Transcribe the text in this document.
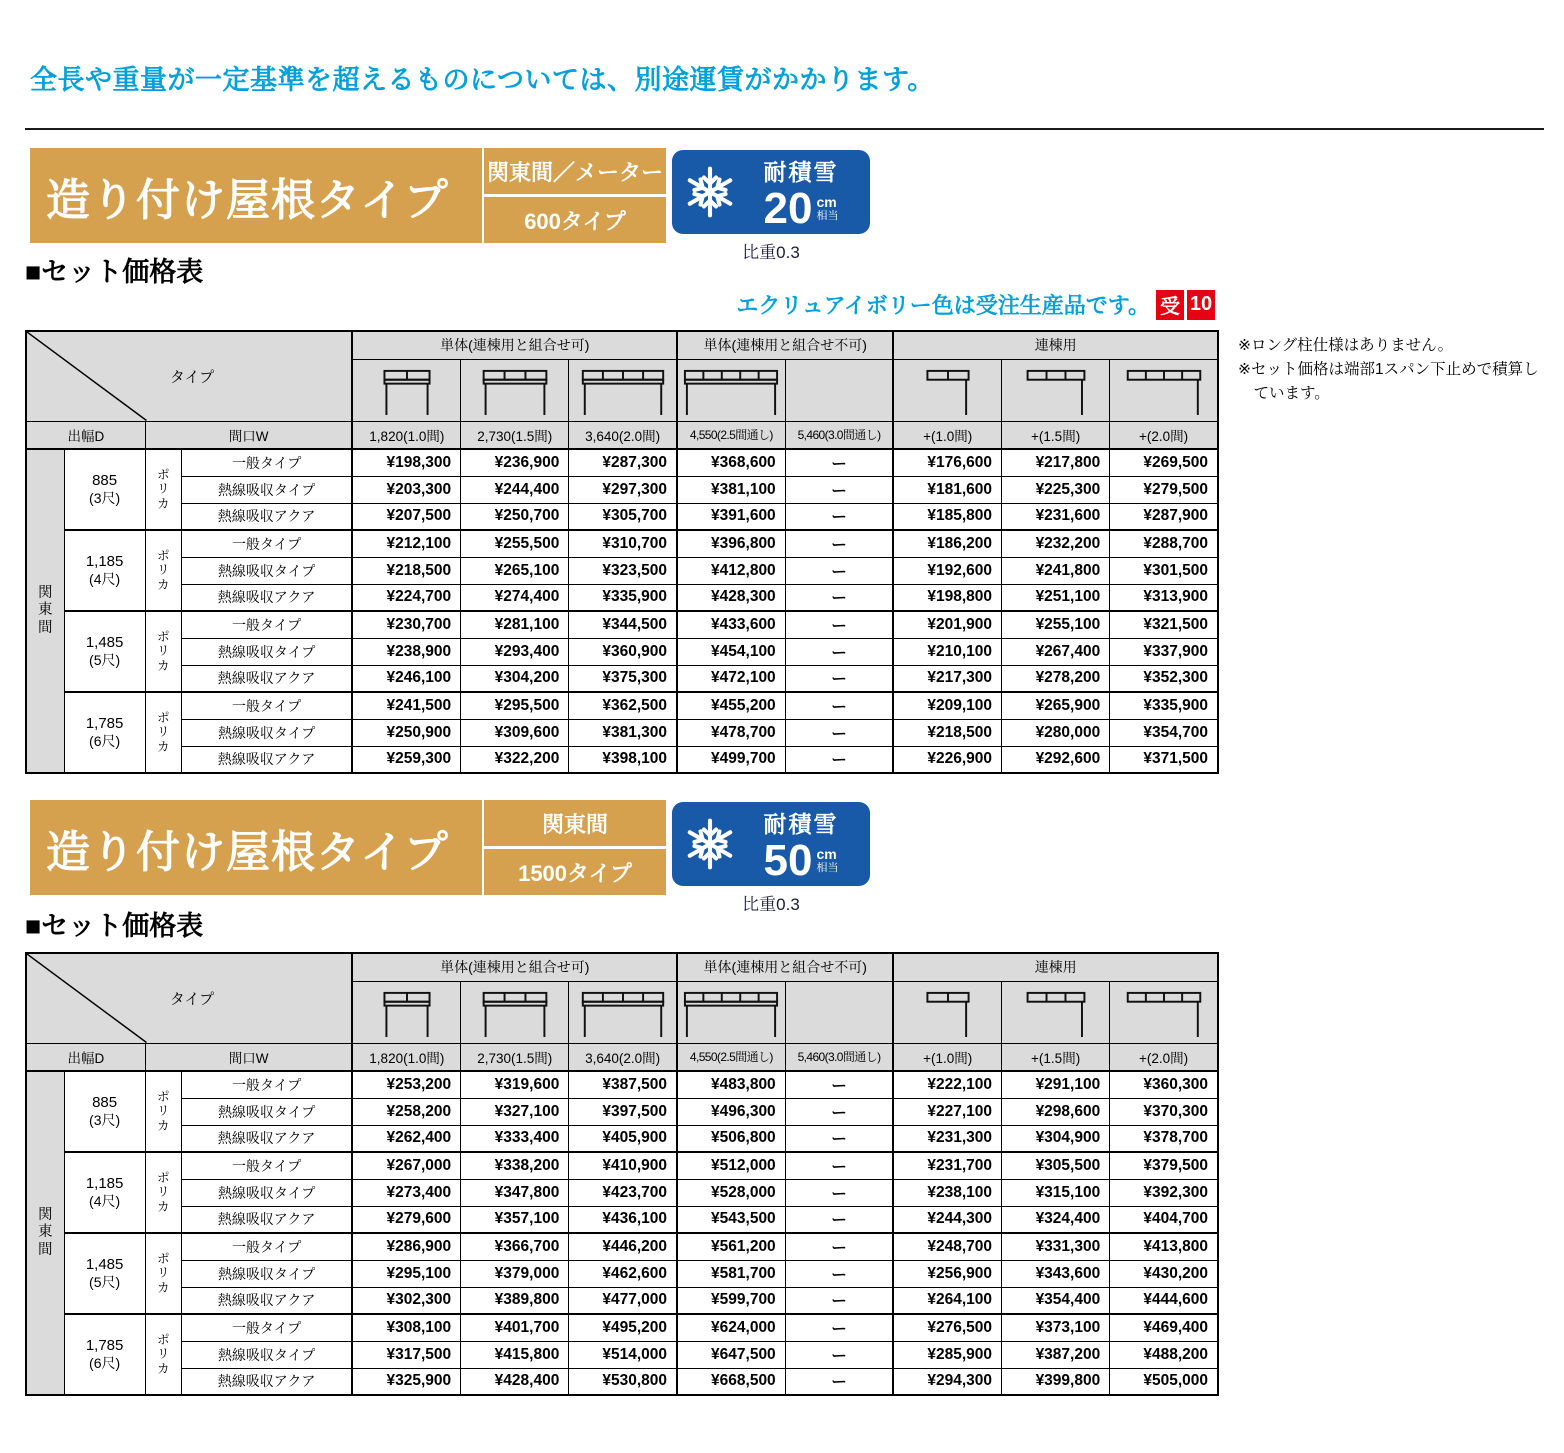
全長や重量が一定基準を超えるものについては、別途運賃がかかります。
造り付け屋根タイプ
関東間／メーター
600タイプ
耐積雪
20 cm
相当
比重0.3
■セット価格表
エクリュアイボリー色は受注生産品です。 受 10
※ロング柱仕様はありません。
※セット価格は端部1スパン下止めで積算し
　ています。
タイプ				単体(連棟用と組合せ可)			単体(連棟用と組合せ不可)		連棟用		

出幅D		間口W		1,820(1.0間)	2,730(1.5間)	3,640(2.0間)	4,550(2.5間通し)	5,460(3.0間通し)	+(1.0間)	+(1.5間)	+(2.0間)

関
東
間

885
(3尺)

ポ
リ
カ
	一般タイプ	¥198,300	¥236,900	¥287,300	¥368,600	ー	¥176,600	¥217,800	¥269,500
			熱線吸収タイプ	¥203,300	¥244,400	¥297,300	¥381,100	ー	¥181,600	¥225,300	¥279,500
			熱線吸収アクア	¥207,500	¥250,700	¥305,700	¥391,600	ー	¥185,800	¥231,600	¥287,900

1,185
(4尺)

ポ
リ
カ
	一般タイプ	¥212,100	¥255,500	¥310,700	¥396,800	ー	¥186,200	¥232,200	¥288,700
			熱線吸収タイプ	¥218,500	¥265,100	¥323,500	¥412,800	ー	¥192,600	¥241,800	¥301,500
			熱線吸収アクア	¥224,700	¥274,400	¥335,900	¥428,300	ー	¥198,800	¥251,100	¥313,900

1,485
(5尺)

ポ
リ
カ
	一般タイプ	¥230,700	¥281,100	¥344,500	¥433,600	ー	¥201,900	¥255,100	¥321,500
			熱線吸収タイプ	¥238,900	¥293,400	¥360,900	¥454,100	ー	¥210,100	¥267,400	¥337,900
			熱線吸収アクア	¥246,100	¥304,200	¥375,300	¥472,100	ー	¥217,300	¥278,200	¥352,300

1,785
(6尺)

ポ
リ
カ
	一般タイプ	¥241,500	¥295,500	¥362,500	¥455,200	ー	¥209,100	¥265,900	¥335,900
			熱線吸収タイプ	¥250,900	¥309,600	¥381,300	¥478,700	ー	¥218,500	¥280,000	¥354,700
			熱線吸収アクア	¥259,300	¥322,200	¥398,100	¥499,700	ー	¥226,900	¥292,600	¥371,500
造り付け屋根タイプ
関東間
1500タイプ
耐積雪
50 cm
相当
比重0.3
■セット価格表
タイプ				単体(連棟用と組合せ可)			単体(連棟用と組合せ不可)		連棟用		

出幅D		間口W		1,820(1.0間)	2,730(1.5間)	3,640(2.0間)	4,550(2.5間通し)	5,460(3.0間通し)	+(1.0間)	+(1.5間)	+(2.0間)

関
東
間

885
(3尺)

ポ
リ
カ
	一般タイプ	¥253,200	¥319,600	¥387,500	¥483,800	ー	¥222,100	¥291,100	¥360,300
			熱線吸収タイプ	¥258,200	¥327,100	¥397,500	¥496,300	ー	¥227,100	¥298,600	¥370,300
			熱線吸収アクア	¥262,400	¥333,400	¥405,900	¥506,800	ー	¥231,300	¥304,900	¥378,700

1,185
(4尺)

ポ
リ
カ
	一般タイプ	¥267,000	¥338,200	¥410,900	¥512,000	ー	¥231,700	¥305,500	¥379,500
			熱線吸収タイプ	¥273,400	¥347,800	¥423,700	¥528,000	ー	¥238,100	¥315,100	¥392,300
			熱線吸収アクア	¥279,600	¥357,100	¥436,100	¥543,500	ー	¥244,300	¥324,400	¥404,700

1,485
(5尺)

ポ
リ
カ
	一般タイプ	¥286,900	¥366,700	¥446,200	¥561,200	ー	¥248,700	¥331,300	¥413,800
			熱線吸収タイプ	¥295,100	¥379,000	¥462,600	¥581,700	ー	¥256,900	¥343,600	¥430,200
			熱線吸収アクア	¥302,300	¥389,800	¥477,000	¥599,700	ー	¥264,100	¥354,400	¥444,600

1,785
(6尺)

ポ
リ
カ
	一般タイプ	¥308,100	¥401,700	¥495,200	¥624,000	ー	¥276,500	¥373,100	¥469,400
			熱線吸収タイプ	¥317,500	¥415,800	¥514,000	¥647,500	ー	¥285,900	¥387,200	¥488,200
			熱線吸収アクア	¥325,900	¥428,400	¥530,800	¥668,500	ー	¥294,300	¥399,800	¥505,000
